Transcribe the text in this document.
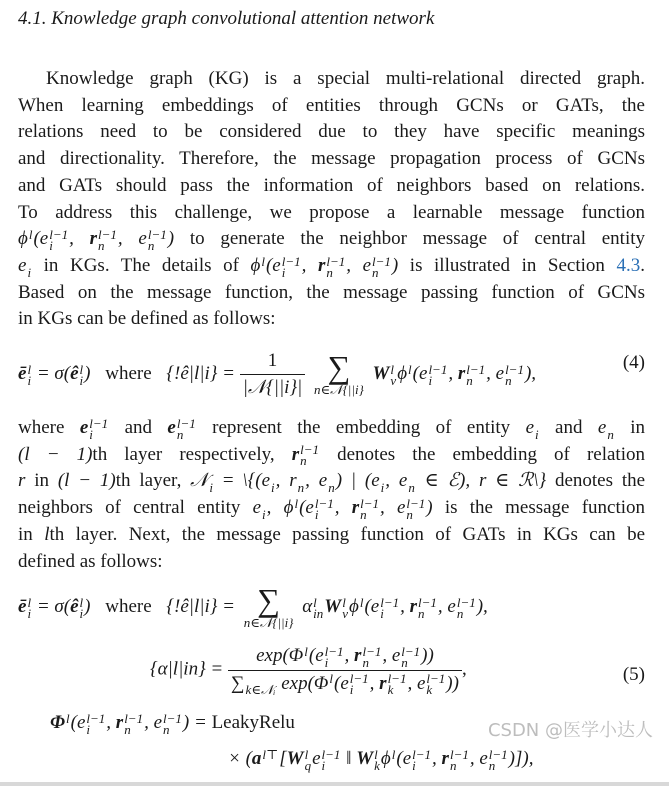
4.1. Knowledge graph convolutional attention network
Knowledge graph (KG) is a special multi-relational directed graph.
When learning embeddings of entities through GCNs or GATs, the
relations need to be considered due to they have specific meanings
and directionality. Therefore, the message propagation process of GCNs
and GATs should pass the information of neighbors based on relations.
To address this challenge, we propose a learnable message function
ϕ l
(e l−1
i , r l−1
n , e l−1
n ) to generate the neighbor message of central entity
e
i in KGs. The details of ϕ l
(e l−1
i , r l−1
n , e l−1
n ) is illustrated in Section 4.3.
Based on the message function, the message passing function of GCNs
in KGs can be defined as follows:
ē l
i = σ(ê l
i ) where {!ê|l|i} = $\frac{1}{\text{|𝒩\{||i\}|}}$
∑
n∈𝒩{||i}
W l
v ϕ l
(e l−1
i , r l−1
n , e l−1
n ),
(4)
where e l−1
i and e l−1
n represent the embedding of entity e
i and e
n in
(l − 1)th layer respectively, r l−1
n denotes the embedding of relation
r in (l − 1)th layer, 𝒩
i = \{(e
i , r
n , e
n ) | (e
i , e
n ∈ ℰ), r ∈ ℛ\} denotes the
neighbors of central entity e
i , ϕ l
(e l−1
i , r l−1
n , e l−1
n ) is the message function
in lth layer. Next, the message passing function of GATs in KGs can be
defined as follows:
ē l
i = σ(ê l
i ) where {!ê|l|i} = ∑
n∈𝒩{||i}
α l
in W l
v ϕ l
(e l−1
i , r l−1
n , e l−1
n ),
{α|l|in} = exp(Φ l
(e l−1
i , r l−1
n , e l−1
n ))
∑
k∈𝒩ᵢ exp(Φ l
(e l−1
i , r l−1
k , e l−1
k )) ,	(5)
Φ l
(e l−1
i , r l−1
n , e l−1
n ) = LeakyRelu
× (a l⊤
[W l
q e l−1
i ‖ W l
k ϕ l
(e l−1
i , r l−1
n , e l−1
n )]),
CSDN @医学小达人
